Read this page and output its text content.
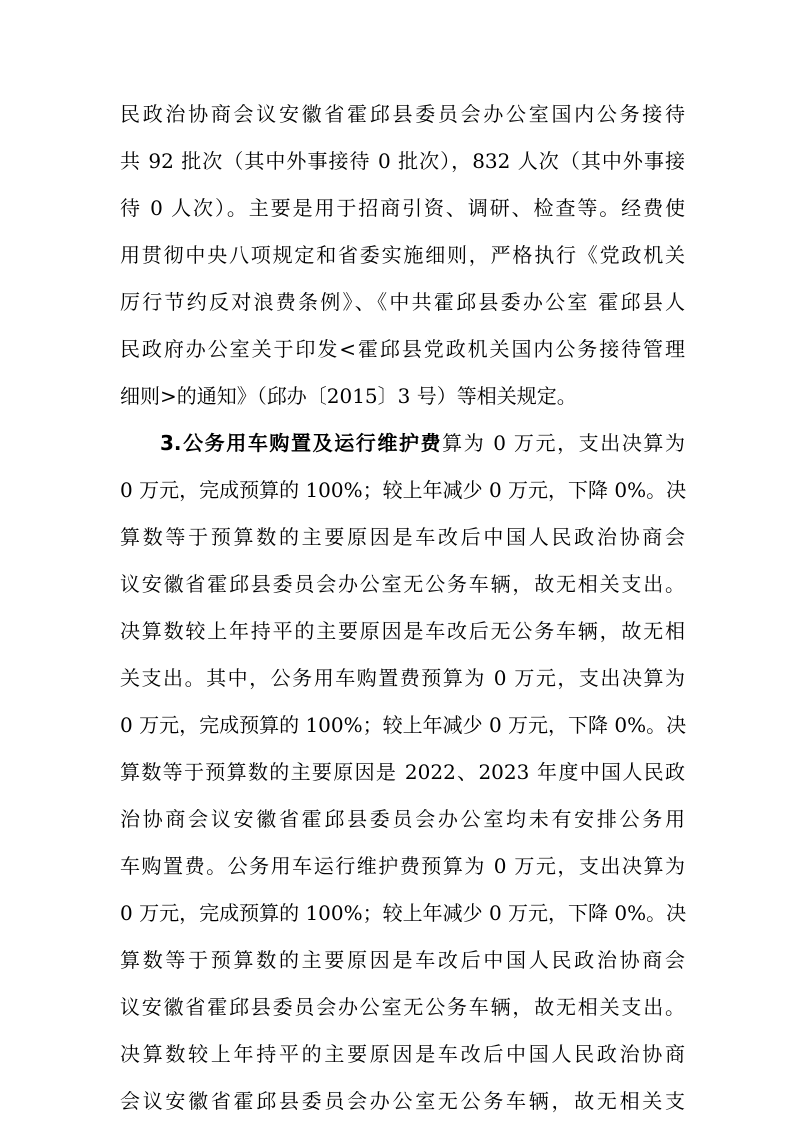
民政治协商会议安徽省霍邱县委员会办公室国内公务接待
共 92 批次（其中外事接待 0 批次），832 人次（其中外事接
待 0 人次）。主要是用于招商引资、调研、检查等。经费使
用贯彻中央八项规定和省委实施细则，严格执行《党政机关
厉行节约反对浪费条例》、《中共霍邱县委办公室 霍邱县人
民政府办公室关于印发<霍邱县党政机关国内公务接待管理
细则>的通知》（邱办〔2015〕3 号）等相关规定。
3.公务用车购置及运行维护费算为 0 万元，支出决算为
0 万元，完成预算的 100%；较上年减少 0 万元，下降 0%。决
算数等于预算数的主要原因是车改后中国人民政治协商会
议安徽省霍邱县委员会办公室无公务车辆，故无相关支出。
决算数较上年持平的主要原因是车改后无公务车辆，故无相
关支出。其中，公务用车购置费预算为 0 万元，支出决算为
0 万元，完成预算的 100%；较上年减少 0 万元，下降 0%。决
算数等于预算数的主要原因是 2022、2023 年度中国人民政
治协商会议安徽省霍邱县委员会办公室均未有安排公务用
车购置费。公务用车运行维护费预算为 0 万元，支出决算为
0 万元，完成预算的 100%；较上年减少 0 万元，下降 0%。决
算数等于预算数的主要原因是车改后中国人民政治协商会
议安徽省霍邱县委员会办公室无公务车辆，故无相关支出。
决算数较上年持平的主要原因是车改后中国人民政治协商
会议安徽省霍邱县委员会办公室无公务车辆，故无相关支
